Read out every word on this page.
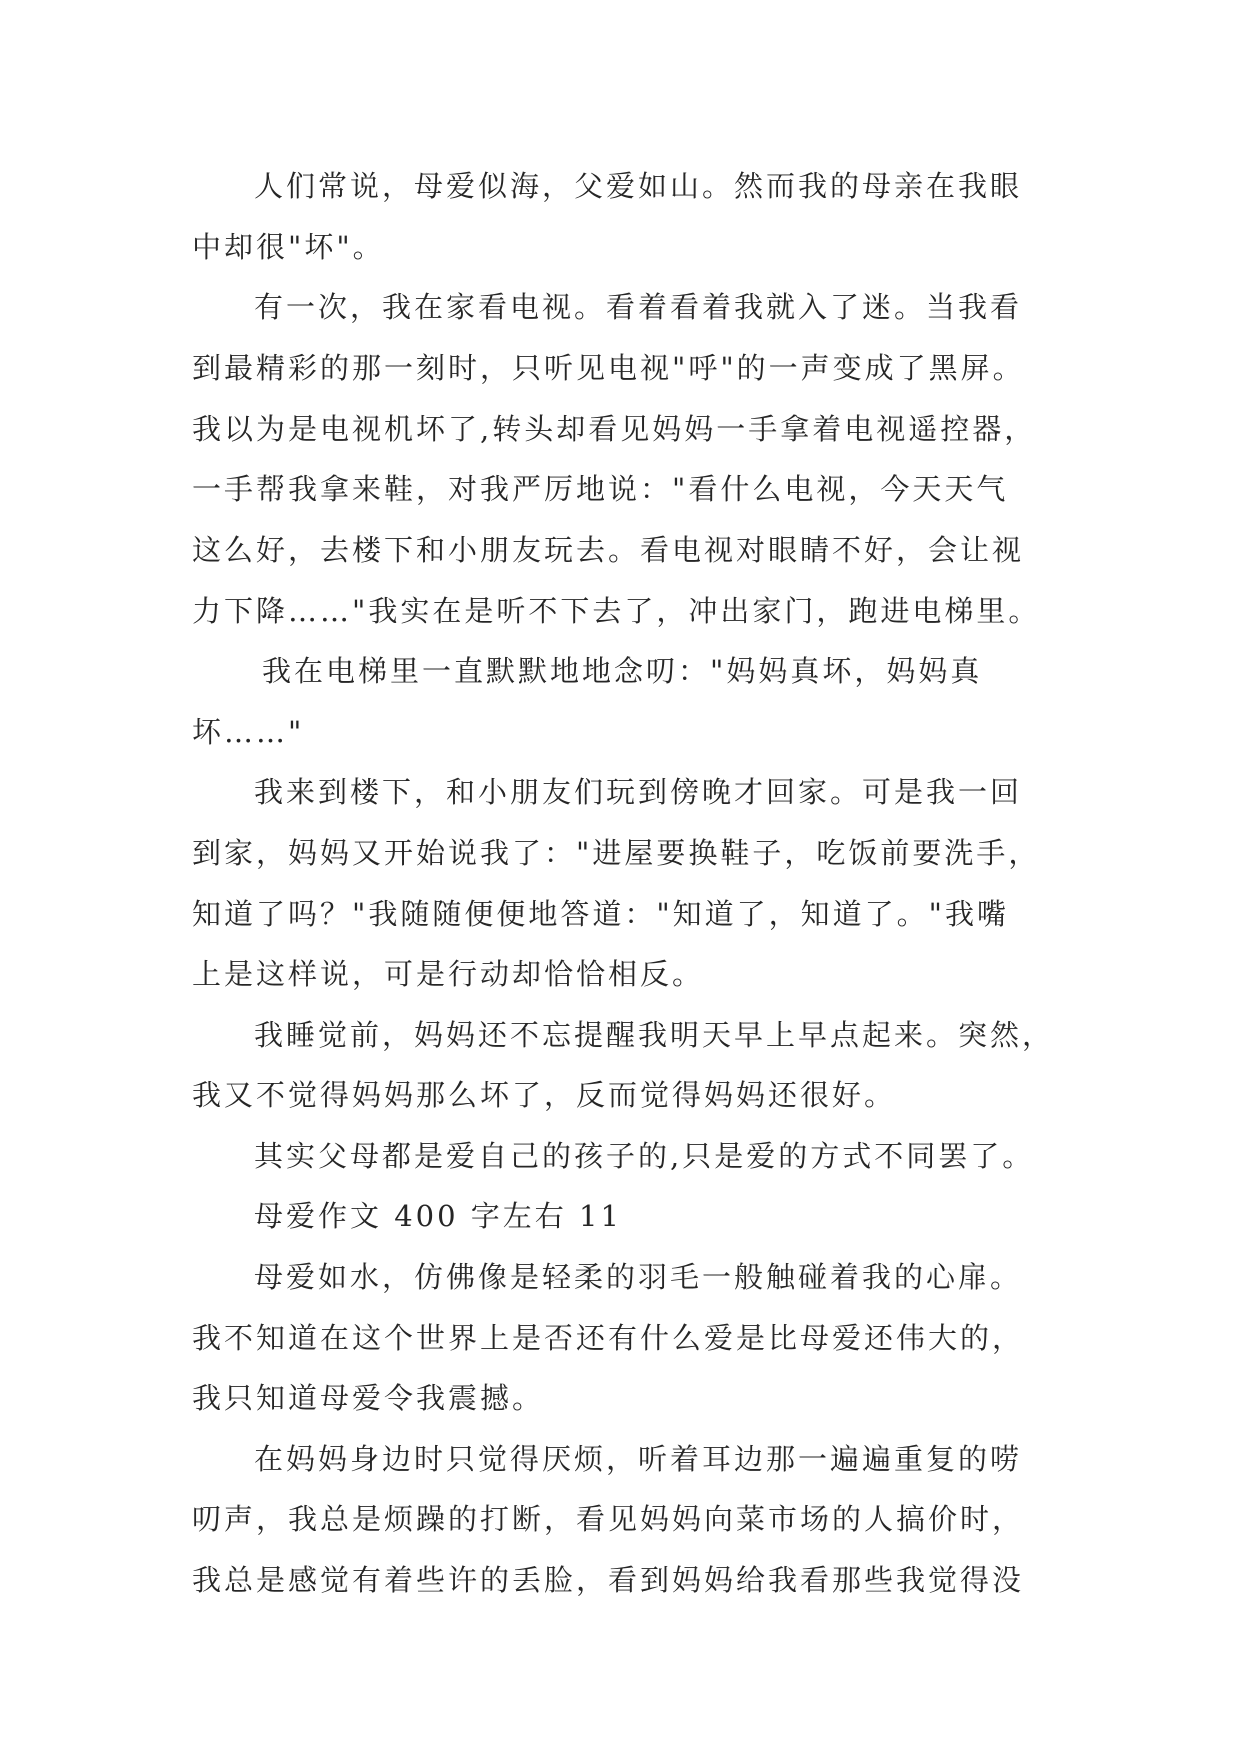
人们常说，母爱似海，父爱如山。然而我的母亲在我眼

中却很"坏"。

有一次，我在家看电视。看着看着我就入了迷。当我看

到最精彩的那一刻时，只听见电视"呼"的一声变成了黑屏。

我以为是电视机坏了,转头却看见妈妈一手拿着电视遥控器，

一手帮我拿来鞋，对我严厉地说："看什么电视，今天天气

这么好，去楼下和小朋友玩去。看电视对眼睛不好，会让视

力下降……"我实在是听不下去了，冲出家门，跑进电梯里。

我在电梯里一直默默地地念叨："妈妈真坏，妈妈真

坏……"

我来到楼下，和小朋友们玩到傍晚才回家。可是我一回

到家，妈妈又开始说我了："进屋要换鞋子，吃饭前要洗手，

知道了吗？"我随随便便地答道："知道了，知道了。"我嘴

上是这样说，可是行动却恰恰相反。

我睡觉前，妈妈还不忘提醒我明天早上早点起来。突然，

我又不觉得妈妈那么坏了，反而觉得妈妈还很好。

其实父母都是爱自己的孩子的,只是爱的方式不同罢了。

母爱作文 400 字左右 11

母爱如水，仿佛像是轻柔的羽毛一般触碰着我的心扉。

我不知道在这个世界上是否还有什么爱是比母爱还伟大的，

我只知道母爱令我震撼。

在妈妈身边时只觉得厌烦，听着耳边那一遍遍重复的唠

叨声，我总是烦躁的打断，看见妈妈向菜市场的人搞价时，

我总是感觉有着些许的丢脸，看到妈妈给我看那些我觉得没
